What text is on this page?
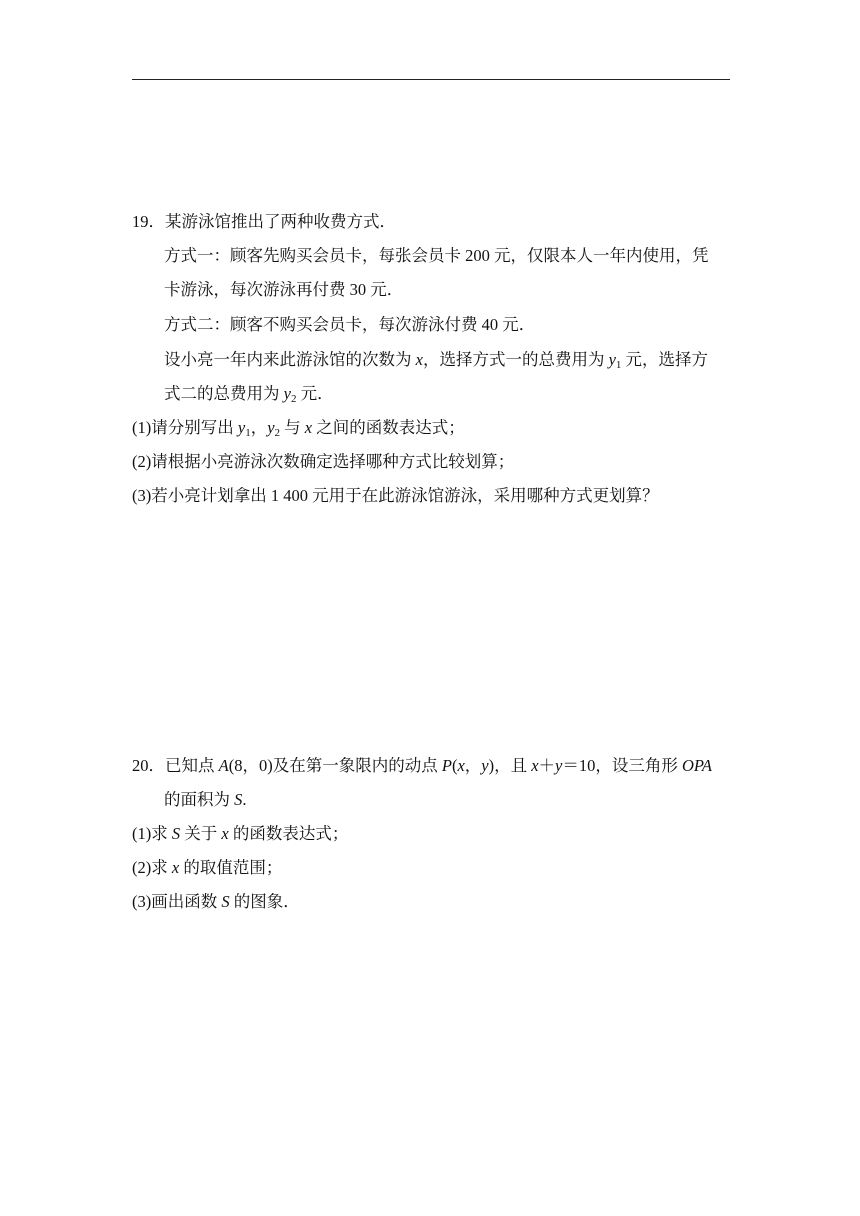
19．某游泳馆推出了两种收费方式．
方式一：顾客先购买会员卡，每张会员卡 200 元，仅限本人一年内使用，凭
卡游泳，每次游泳再付费 30 元．
方式二：顾客不购买会员卡，每次游泳付费 40 元．
设小亮一年内来此游泳馆的次数为 x，选择方式一的总费用为 $y_1$ 元，选择方
式二的总费用为 $y_2$ 元．
(1)请分别写出 $y_1$，$y_2$ 与 x 之间的函数表达式；
(2)请根据小亮游泳次数确定选择哪种方式比较划算；
(3)若小亮计划拿出 1 400 元用于在此游泳馆游泳，采用哪种方式更划算？
20．已知点 A(8，0)及在第一象限内的动点 P(x，y)，且 x＋y＝10，设三角形 OPA
的面积为 S.
(1)求 S 关于 x 的函数表达式；
(2)求 x 的取值范围；
(3)画出函数 S 的图象．
